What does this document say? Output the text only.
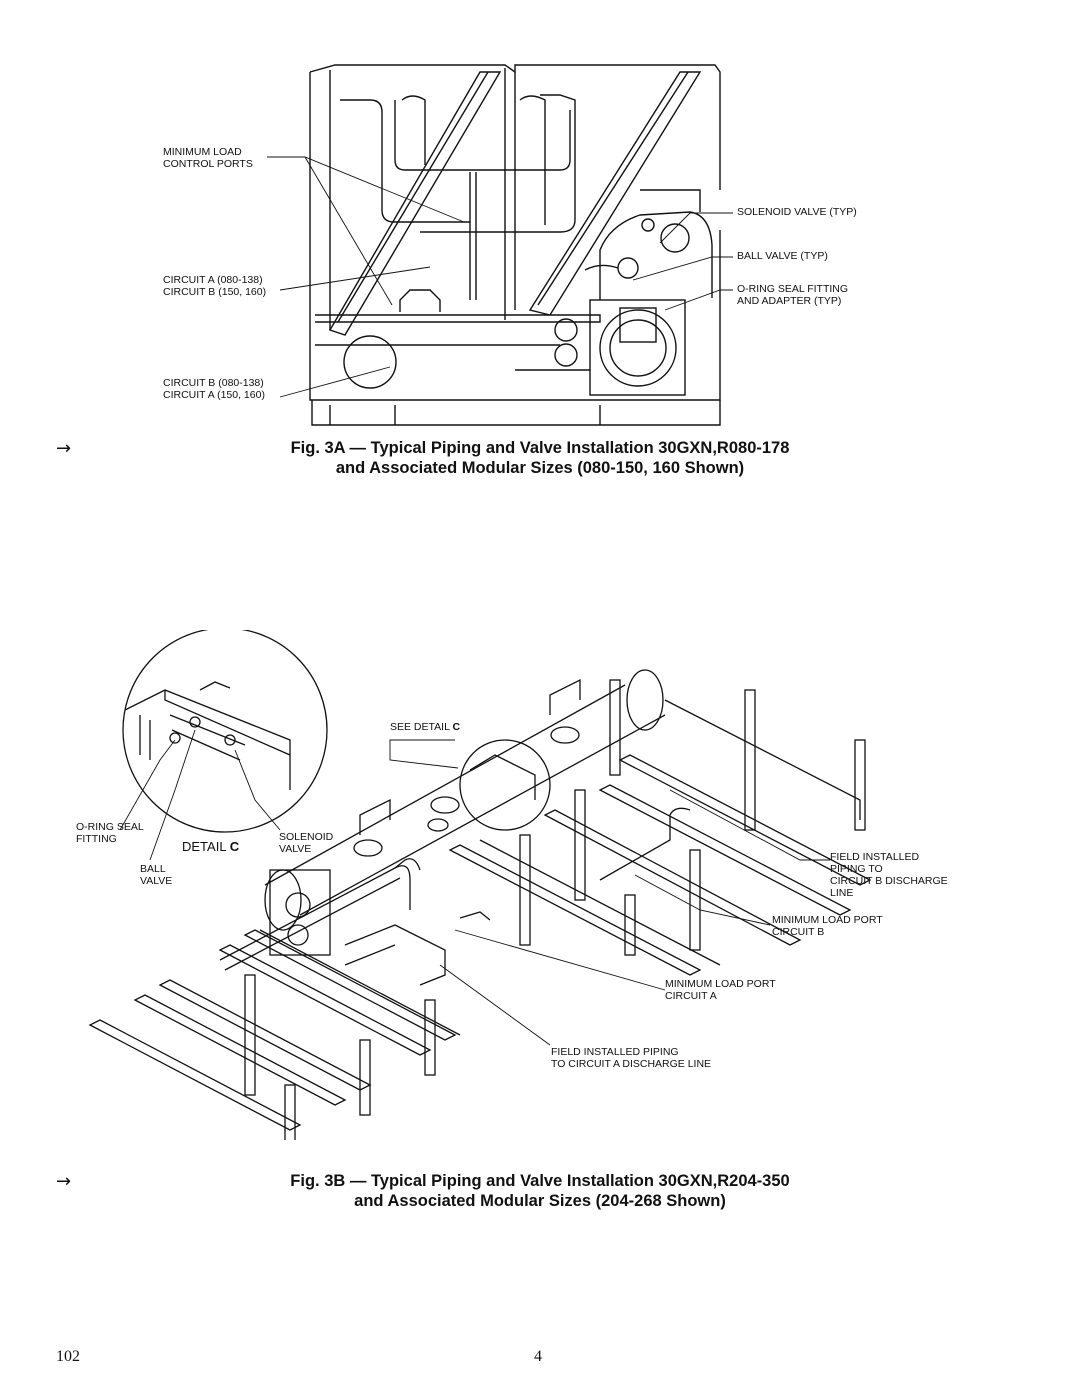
MINIMUM LOAD
CONTROL PORTS
CIRCUIT A (080-138)
CIRCUIT B (150, 160)
CIRCUIT B (080-138)
CIRCUIT A (150, 160)
SOLENOID VALVE (TYP)
BALL VALVE (TYP)
O-RING SEAL FITTING
AND ADAPTER (TYP)
→	Fig. 3A — Typical Piping and Valve Installation 30GXN,R080-178
and Associated Modular Sizes (080-150, 160 Shown)
SEE DETAIL C
O-RING SEAL
FITTING	SOLENOID
VALVE
DETAIL C
BALL
VALVE
FIELD INSTALLED
PIPING TO
CIRCUIT B DISCHARGE
LINE
MINIMUM LOAD PORT
CIRCUIT B
MINIMUM LOAD PORT
CIRCUIT A
FIELD INSTALLED PIPING
TO CIRCUIT A DISCHARGE LINE
→	Fig. 3B — Typical Piping and Valve Installation 30GXN,R204-350
and Associated Modular Sizes (204-268 Shown)
102	4
